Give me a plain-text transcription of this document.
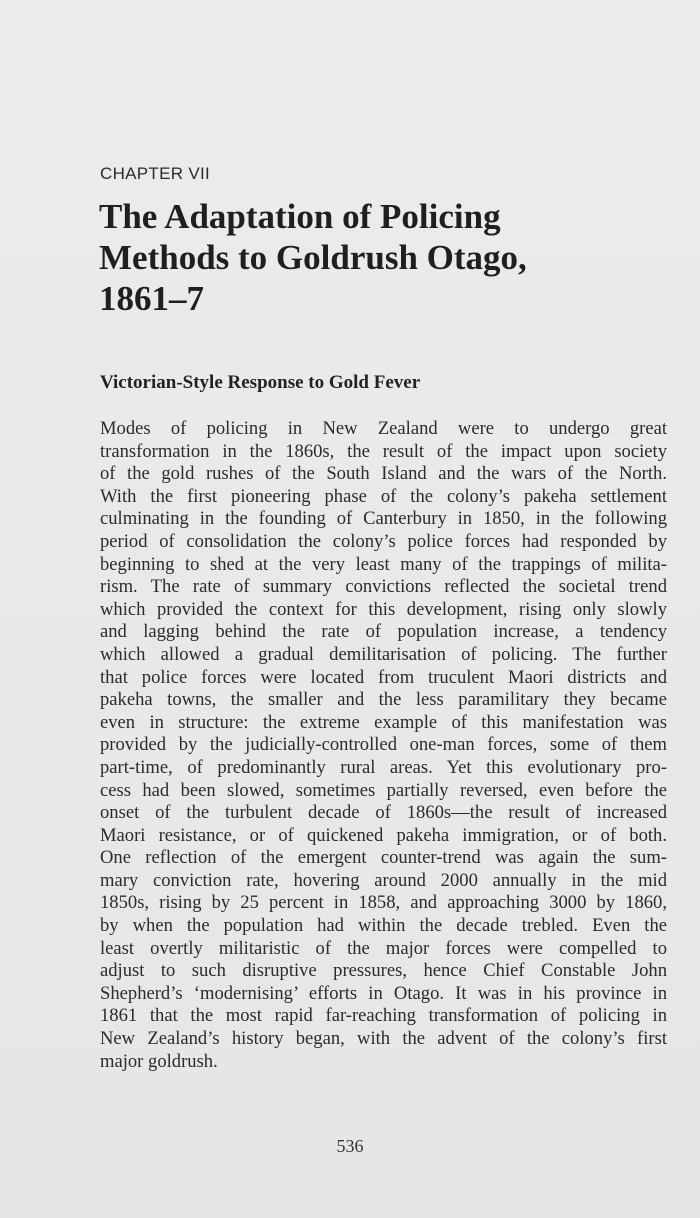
CHAPTER VII
The Adaptation of Policing
Methods to Goldrush Otago,
1861–7
Victorian-Style Response to Gold Fever
Modes of policing in New Zealand were to undergo great
transformation in the 1860s, the result of the impact upon society
of the gold rushes of the South Island and the wars of the North.
With the first pioneering phase of the colony’s pakeha settlement
culminating in the founding of Canterbury in 1850, in the following
period of consolidation the colony’s police forces had responded by
beginning to shed at the very least many of the trappings of milita-
rism. The rate of summary convictions reflected the societal trend
which provided the context for this development, rising only slowly
and lagging behind the rate of population increase, a tendency
which allowed a gradual demilitarisation of policing. The further
that police forces were located from truculent Maori districts and
pakeha towns, the smaller and the less paramilitary they became
even in structure: the extreme example of this manifestation was
provided by the judicially-controlled one-man forces, some of them
part-time, of predominantly rural areas. Yet this evolutionary pro-
cess had been slowed, sometimes partially reversed, even before the
onset of the turbulent decade of 1860s—the result of increased
Maori resistance, or of quickened pakeha immigration, or of both.
One reflection of the emergent counter-trend was again the sum-
mary conviction rate, hovering around 2000 annually in the mid
1850s, rising by 25 percent in 1858, and approaching 3000 by 1860,
by when the population had within the decade trebled. Even the
least overtly militaristic of the major forces were compelled to
adjust to such disruptive pressures, hence Chief Constable John
Shepherd’s ‘modernising’ efforts in Otago. It was in his province in
1861 that the most rapid far-reaching transformation of policing in
New Zealand’s history began, with the advent of the colony’s first
major goldrush.
536
